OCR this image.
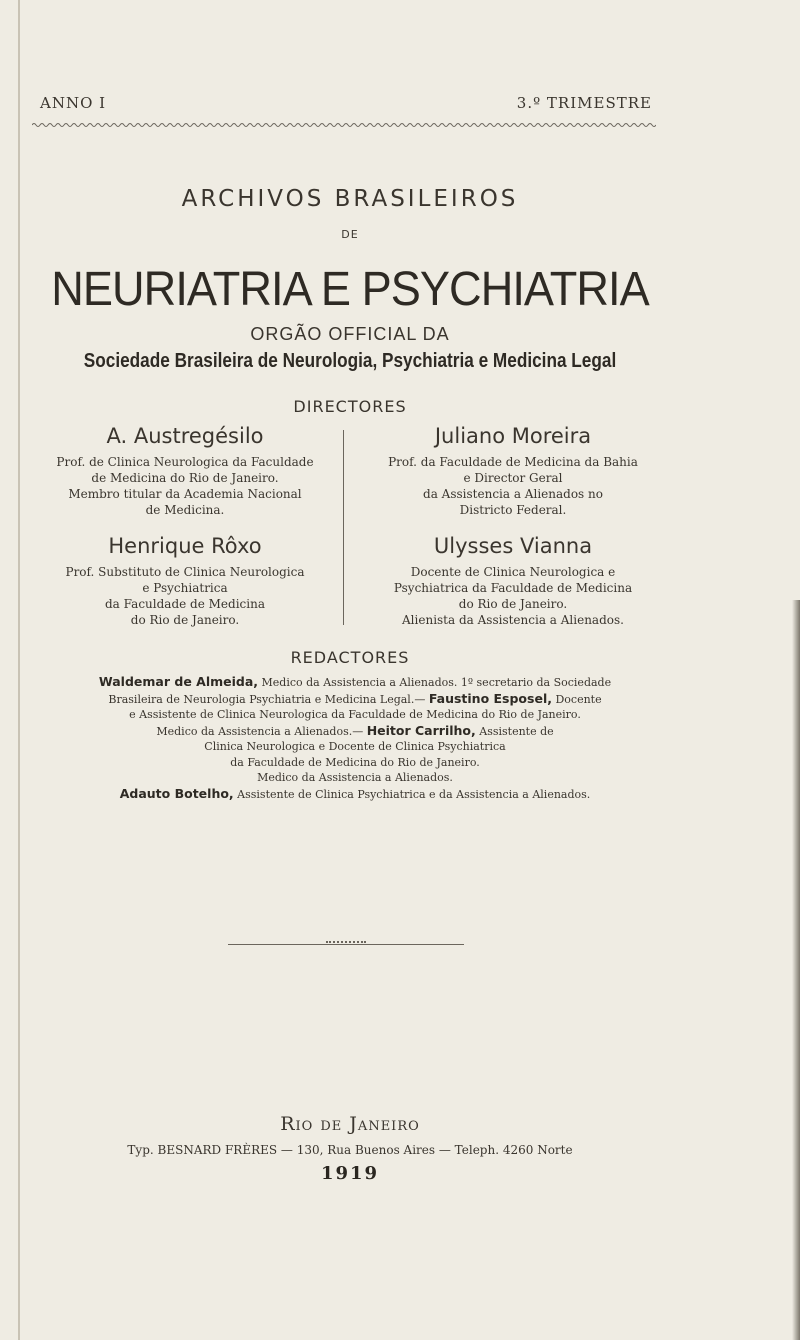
ANNO I	3.º TRIMESTRE
ARCHIVOS BRASILEIROS
DE
NEURIATRIA E PSYCHIATRIA
ORGÃO OFFICIAL DA
Sociedade Brasileira de Neurologia, Psychiatria e Medicina Legal
DIRECTORES

A. Austregésilo

Prof. de Clinica Neurologica da Faculdade
de Medicina do Rio de Janeiro.
Membro titular da Academia Nacional
de Medicina.

Juliano Moreira

Prof. da Faculdade de Medicina da Bahia
e Director Geral
da Assistencia a Alienados no
Districto Federal.

Henrique Rôxo

Prof. Substituto de Clinica Neurologica
e Psychiatrica
da Faculdade de Medicina
do Rio de Janeiro.

Ulysses Vianna

Docente de Clinica Neurologica e
Psychiatrica da Faculdade de Medicina
do Rio de Janeiro.
Alienista da Assistencia a Alienados.

REDACTORES
Waldemar de Almeida, Medico da Assistencia a Alienados. 1º secretario da Sociedade
Brasileira de Neurologia Psychiatria e Medicina Legal.— Faustino Esposel, Docente
e Assistente de Clinica Neurologica da Faculdade de Medicina do Rio de Janeiro.
Medico da Assistencia a Alienados.— Heitor Carrilho, Assistente de
Clinica Neurologica e Docente de Clinica Psychiatrica
da Faculdade de Medicina do Rio de Janeiro.
Medico da Assistencia a Alienados.
Adauto Botelho, Assistente de Clinica Psychiatrica e da Assistencia a Alienados.
Rio de Janeiro
Typ. BESNARD FRÈRES — 130, Rua Buenos Aires — Teleph. 4260 Norte
1919
